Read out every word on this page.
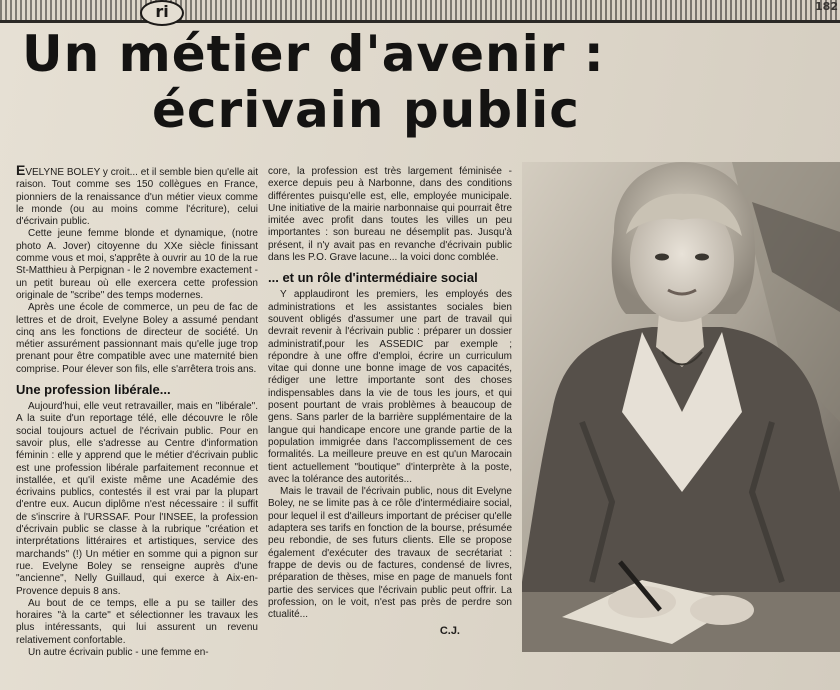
ri	182
Un métier d'avenir :
écrivain public

EVELYNE BOLEY y croit... et il semble bien qu'elle ait raison. Tout comme ses 150 collègues en France, pionniers de la renaissance d'un métier vieux comme le monde (ou au moins comme l'écriture), celui d'écrivain public.

Cette jeune femme blonde et dynamique, (notre photo A. Jover) citoyenne du XXe siècle finissant comme vous et moi, s'apprête à ouvrir au 10 de la rue St-Matthieu à Perpignan - le 2 novembre exactement - un petit bureau où elle exercera cette profession originale de "scribe" des temps modernes.

Après une école de commerce, un peu de fac de lettres et de droit, Evelyne Boley a assumé pendant cinq ans les fonctions de directeur de société. Un métier assurément passionnant mais qu'elle juge trop prenant pour être compatible avec une maternité bien comprise. Pour élever son fils, elle s'arrêtera trois ans.

Une profession libérale...

Aujourd'hui, elle veut retravailler, mais en "libérale". A la suite d'un reportage télé, elle découvre le rôle social toujours actuel de l'écrivain public. Pour en savoir plus, elle s'adresse au Centre d'information féminin : elle y apprend que le métier d'écrivain public est une profession libérale parfaitement reconnue et installée, et qu'il existe même une Académie des écrivains publics, contestés il est vrai par la plupart d'entre eux. Aucun diplôme n'est nécessaire : il suffit de s'inscrire à l'URSSAF. Pour l'INSEE, la profession d'écrivain public se classe à la rubrique "création et interprétations littéraires et artistiques, service des marchands" (!) Un métier en somme qui a pignon sur rue. Evelyne Boley se renseigne auprès d'une "ancienne", Nelly Guillaud, qui exerce à Aix-en-Provence depuis 8 ans.

Au bout de ce temps, elle a pu se tailler des horaires "à la carte" et sélectionner les travaux les plus intéressants, qui lui assurent un revenu relativement confortable.

Un autre écrivain public - une femme en-

core, la profession est très largement féminisée - exerce depuis peu à Narbonne, dans des conditions différentes puisqu'elle est, elle, employée municipale. Une initiative de la mairie narbonnaise qui pourrait être imitée avec profit dans toutes les villes un peu importantes : son bureau ne désemplit pas. Jusqu'à présent, il n'y avait pas en revanche d'écrivain public dans les P.O. Grave lacune... la voici donc comblée.

... et un rôle d'intermédiaire social

Y applaudiront les premiers, les employés des administrations et les assistantes sociales bien souvent obligés d'assumer une part de travail qui devrait revenir à l'écrivain public : préparer un dossier administratif,pour les ASSEDIC par exemple ; répondre à une offre d'emploi, écrire un curriculum vitae qui donne une bonne image de vos capacités, rédiger une lettre importante sont des choses indispensables dans la vie de tous les jours, et qui posent pourtant de vrais problèmes à beaucoup de gens. Sans parler de la barrière supplémentaire de la langue qui handicape encore une grande partie de la population immigrée dans l'accomplissement de ces formalités. La meilleure preuve en est qu'un Marocain tient actuellement "boutique" d'interprète à la poste, avec la tolérance des autorités...

Mais le travail de l'écrivain public, nous dit Evelyne Boley, ne se limite pas à ce rôle d'intermédiaire social, pour lequel il est d'ailleurs important de préciser qu'elle adaptera ses tarifs en fonction de la bourse, présumée peu rebondie, de ses futurs clients. Elle se propose également d'exécuter des travaux de secrétariat : frappe de devis ou de factures, condensé de livres, préparation de thèses, mise en page de manuels font partie des services que l'écrivain public peut offrir. La profession, on le voit, n'est pas près de perdre son ctualité...

C.J.
